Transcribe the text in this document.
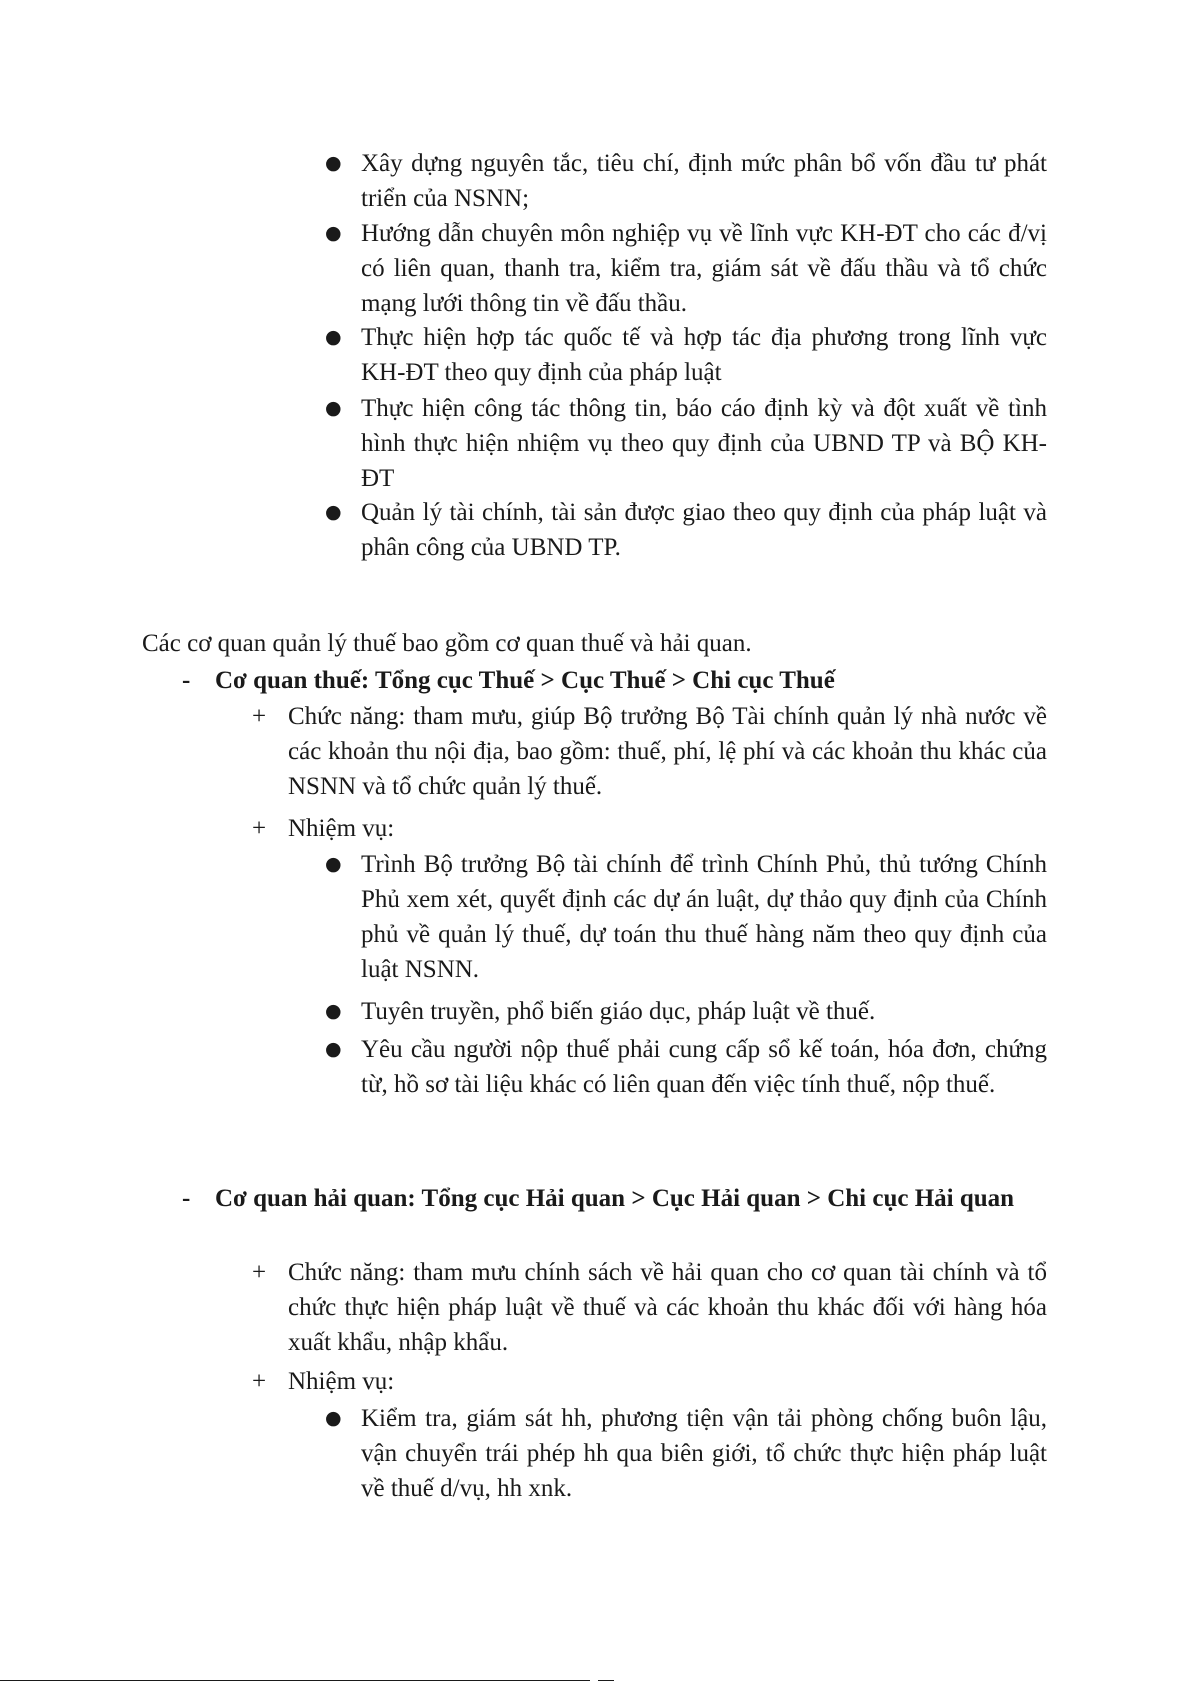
● Xây dựng nguyên tắc, tiêu chí, định mức phân bổ vốn đầu tư phát triển của NSNN;
● Hướng dẫn chuyên môn nghiệp vụ về lĩnh vực KH-ĐT cho các đ/vị có liên quan, thanh tra, kiểm tra, giám sát về đấu thầu và tổ chức mạng lưới thông tin về đấu thầu.
● Thực hiện hợp tác quốc tế và hợp tác địa phương trong lĩnh vực KH-ĐT theo quy định của pháp luật
● Thực hiện công tác thông tin, báo cáo định kỳ và đột xuất về tình hình thực hiện nhiệm vụ theo quy định của UBND TP và BỘ KH-ĐT
● Quản lý tài chính, tài sản được giao theo quy định của pháp luật và phân công của UBND TP.
Các cơ quan quản lý thuế bao gồm cơ quan thuế và hải quan.
- Cơ quan thuế: Tổng cục Thuế > Cục Thuế > Chi cục Thuế
+ Chức năng: tham mưu, giúp Bộ trưởng Bộ Tài chính quản lý nhà nước về các khoản thu nội địa, bao gồm: thuế, phí, lệ phí và các khoản thu khác của NSNN và tổ chức quản lý thuế.
+ Nhiệm vụ:
● Trình Bộ trưởng Bộ tài chính để trình Chính Phủ, thủ tướng Chính Phủ xem xét, quyết định các dự án luật, dự thảo quy định của Chính phủ về quản lý thuế, dự toán thu thuế hàng năm theo quy định của luật NSNN.
● Tuyên truyền, phổ biến giáo dục, pháp luật về thuế.
● Yêu cầu người nộp thuế phải cung cấp sổ kế toán, hóa đơn, chứng từ, hồ sơ tài liệu khác có liên quan đến việc tính thuế, nộp thuế.
- Cơ quan hải quan: Tổng cục Hải quan > Cục Hải quan > Chi cục Hải quan
+ Chức năng: tham mưu chính sách về hải quan cho cơ quan tài chính và tổ chức thực hiện pháp luật về thuế và các khoản thu khác đối với hàng hóa xuất khẩu, nhập khẩu.
+ Nhiệm vụ:
● Kiểm tra, giám sát hh, phương tiện vận tải phòng chống buôn lậu, vận chuyển trái phép hh qua biên giới, tổ chức thực hiện pháp luật về thuế d/vụ, hh xnk.
